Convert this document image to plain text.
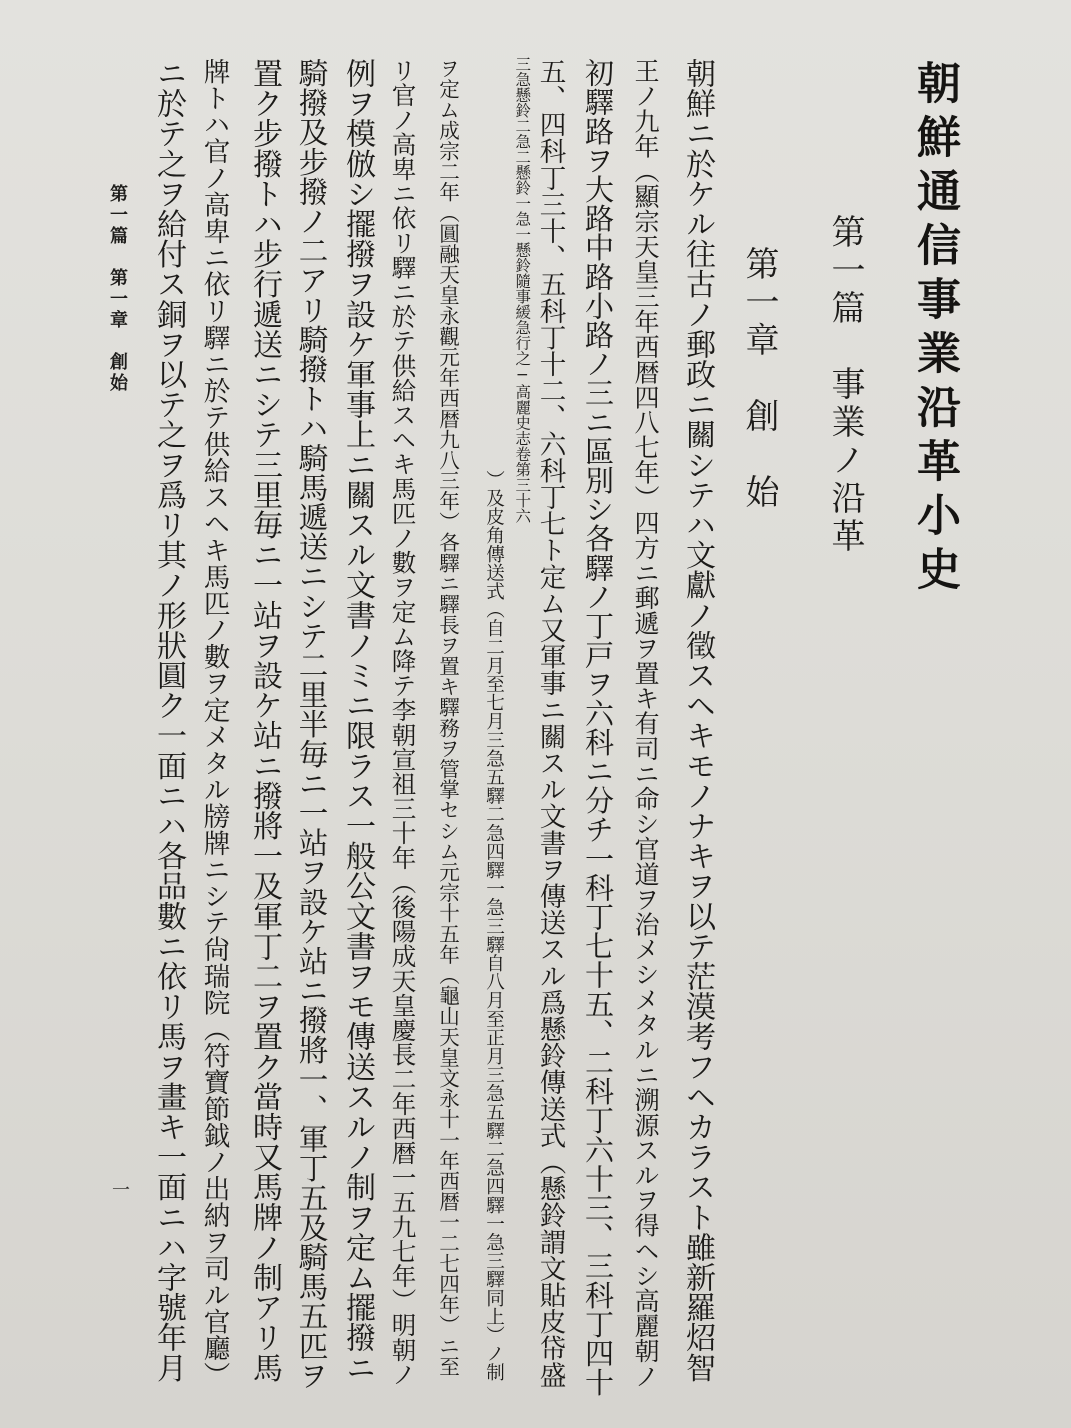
朝鮮通信事業沿革小史
第一篇　事業ノ沿革
第一章　創　始
朝鮮ニ於ケル往古ノ郵政ニ關シテハ文獻ノ徵スヘキモノナキヲ以テ茫漠考フヘカラスト雖新羅炤智
王ノ九年（顯宗天皇三年西暦四八七年）四方ニ郵遞ヲ置キ有司ニ命シ官道ヲ治メシメタルニ溯源スルヲ得ヘシ高麗朝ノ
初驛路ヲ大路中路小路ノ三ニ區別シ各驛ノ丁戸ヲ六科ニ分チ一科丁七十五、二科丁六十三、三科丁四十
五、四科丁三十、五科丁十二、六科丁七ト定ム又軍事ニ關スル文書ヲ傳送スル爲懸鈴傳送式（懸鈴謂文貼皮帒盛
三急懸鈴二急二懸鈴一急一懸鈴隨事緩急行之─高麗史志卷第三十六
）及皮角傳送式（自二月至七月三急五驛二急四驛一急三驛自八月至正月三急五驛二急四驛一急三驛同上）ノ制
ヲ定ム成宗二年（圓融天皇永觀元年西暦九八三年）各驛ニ驛長ヲ置キ驛務ヲ管掌セシム元宗十五年（龜山天皇文永十一年西暦一二七四年）ニ至
リ官ノ高卑ニ依リ驛ニ於テ供給スヘキ馬匹ノ數ヲ定ム降テ李朝宣祖三十年（後陽成天皇慶長二年西暦一五九七年）明朝ノ
例ヲ模倣シ擺撥ヲ設ケ軍事上ニ關スル文書ノミニ限ラス一般公文書ヲモ傳送スルノ制ヲ定ム擺撥ニ
騎撥及步撥ノ二アリ騎撥トハ騎馬遞送ニシテ二里半毎ニ一站ヲ設ケ站ニ撥將一、軍丁五及騎馬五匹ヲ
置ク步撥トハ步行遞送ニシテ三里毎ニ一站ヲ設ケ站ニ撥將一及軍丁二ヲ置ク當時又馬牌ノ制アリ馬
牌トハ官ノ高卑ニ依リ驛ニ於テ供給スヘキ馬匹ノ數ヲ定メタル牓牌ニシテ尙瑞院（符寶節鉞ノ出納ヲ司ル官廳）
ニ於テ之ヲ給付ス銅ヲ以テ之ヲ爲リ其ノ形狀圓ク一面ニハ各品數ニ依リ馬ヲ畫キ一面ニハ字號年月
第一篇　第一章　創始
一
